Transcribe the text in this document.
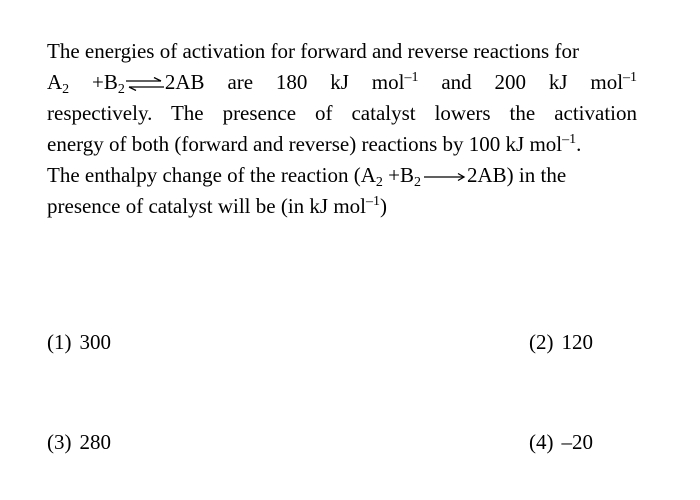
The energies of activation for forward and reverse reactions for
$A_2$ $+B_2\rightleftharpoons 2AB$ are 180 kJ mol$^{-1}$ and 200 kJ mol$^{-1}$
respectively. The presence of catalyst lowers the activation
energy of both (forward and reverse) reactions by 100 kJ mol$^{-1}$.
The enthalpy change of the reaction ($A_2 +B_2$ 2AB) in the
presence of catalyst will be (in kJ mol$^{-1}$)
(1) 300	(2) 120
(3) 280	(4) –20
